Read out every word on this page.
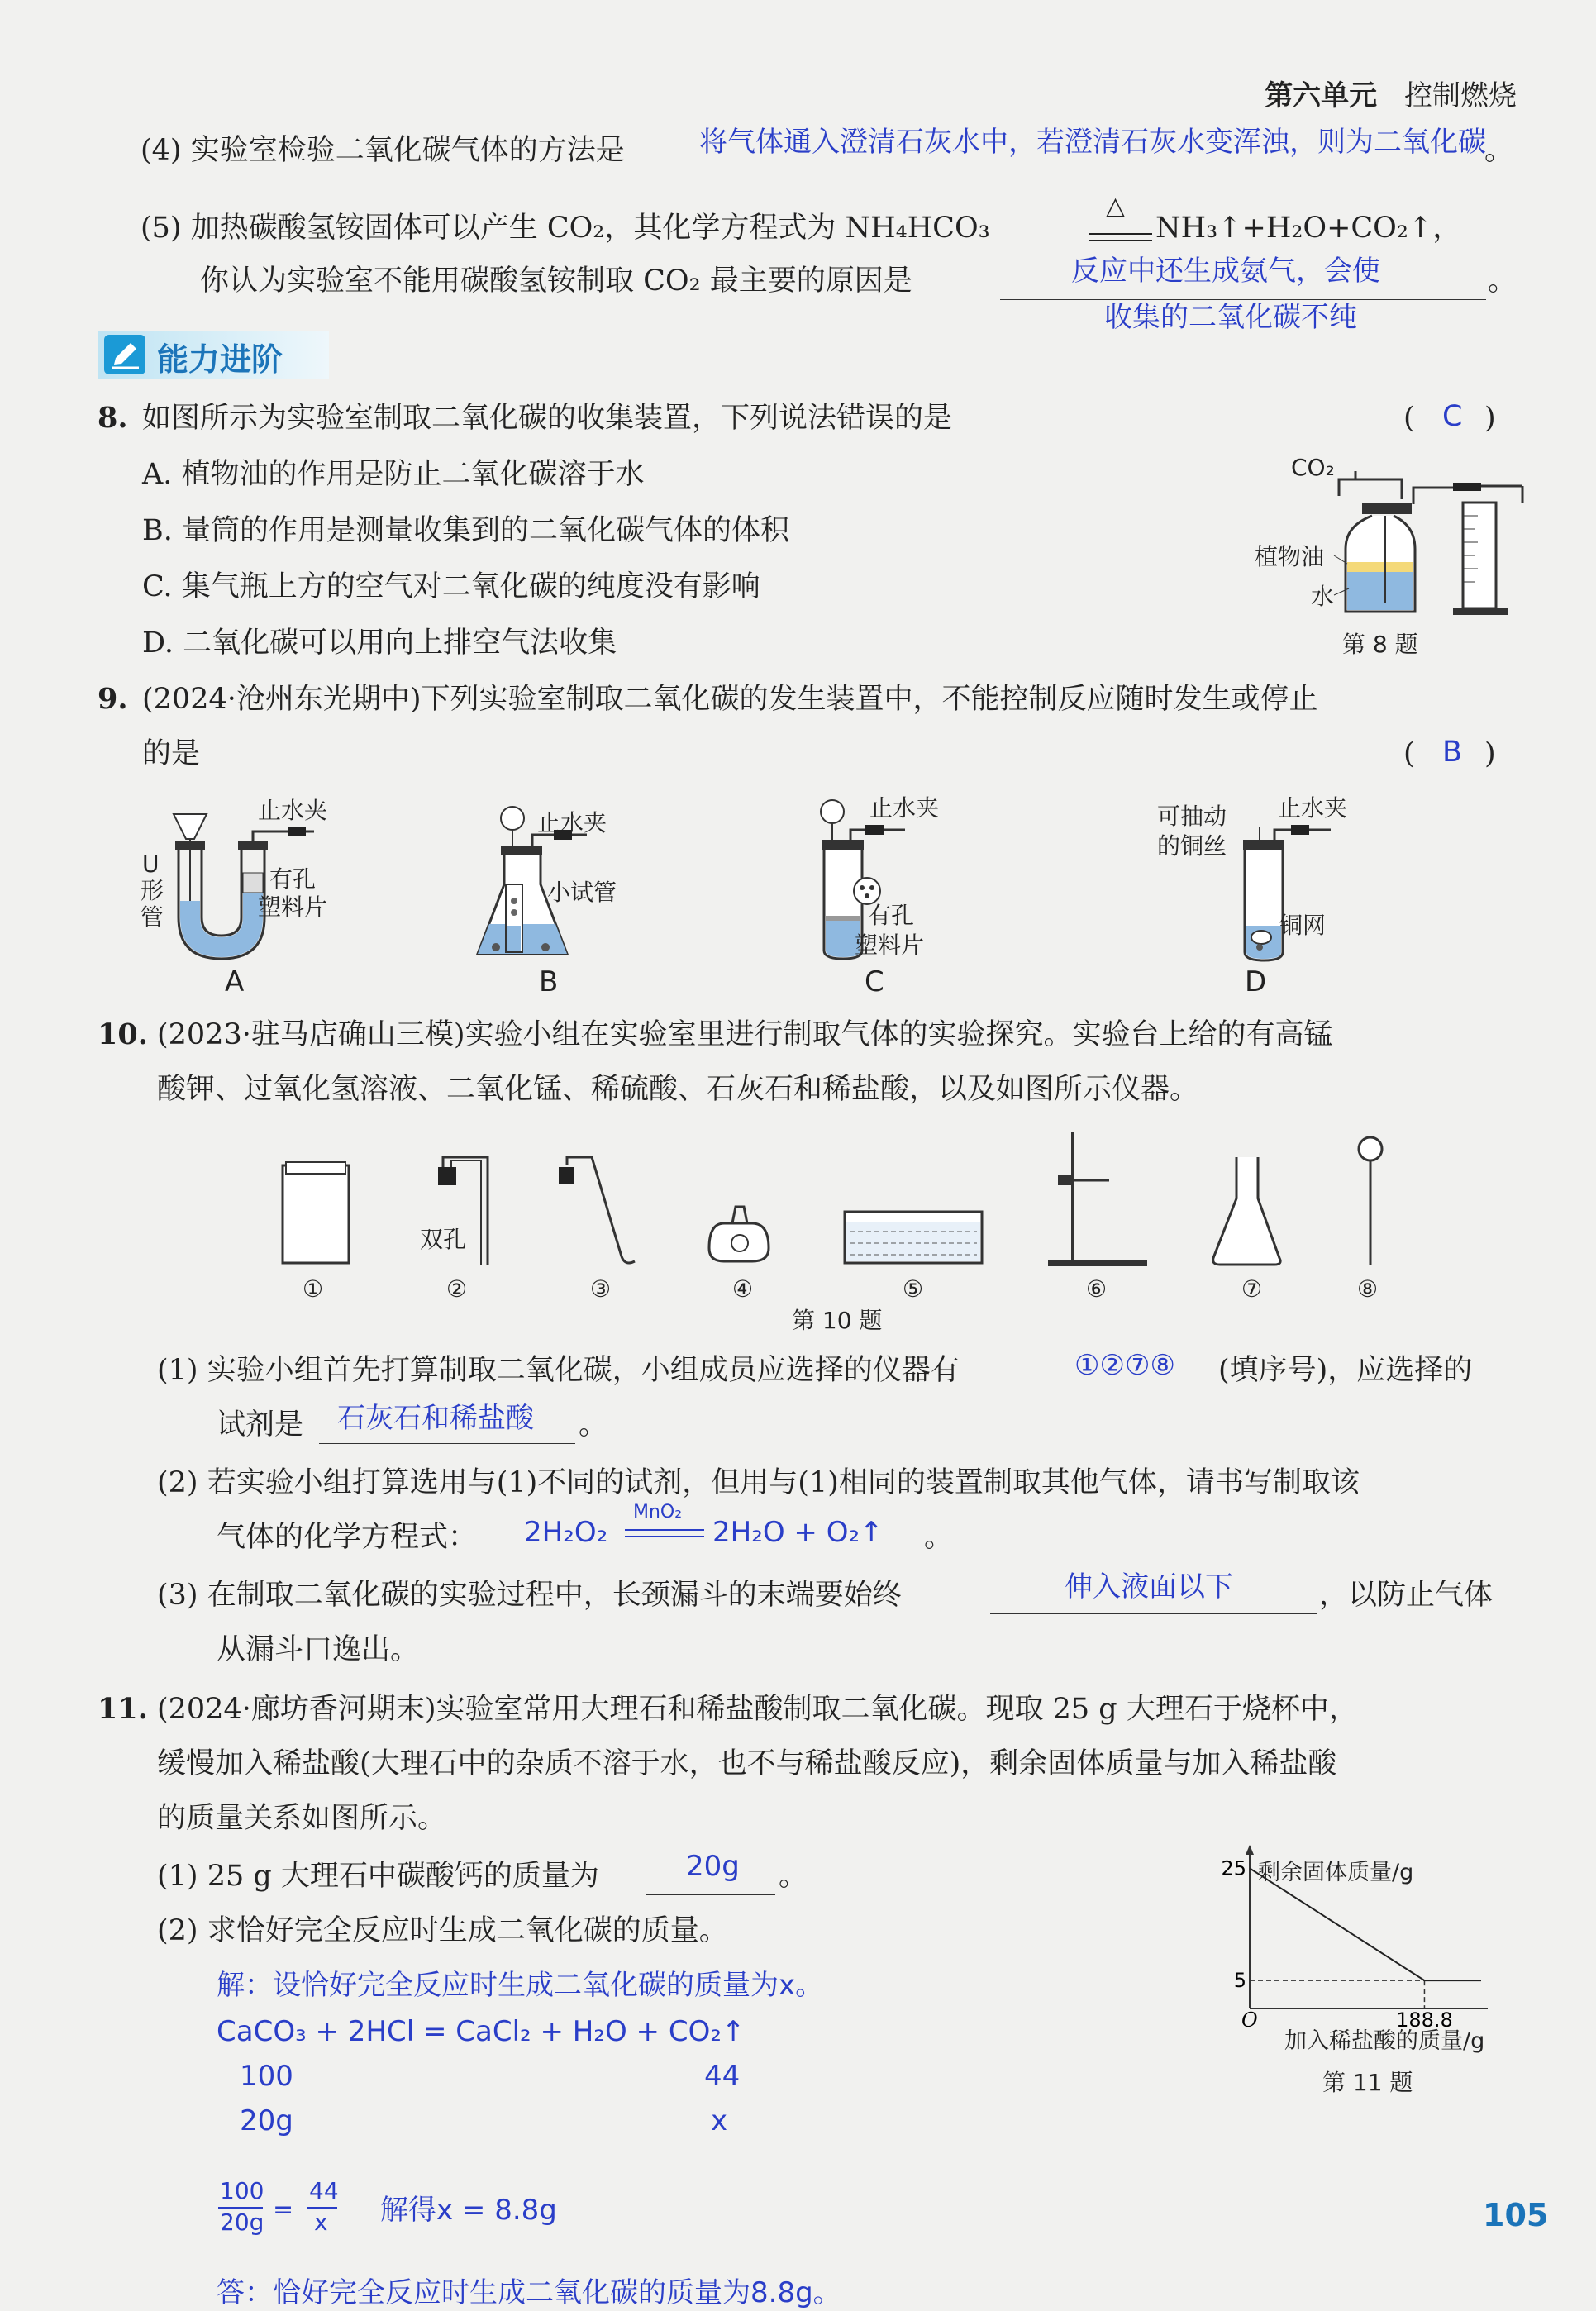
第六单元 控制燃烧
(4) 实验室检验二氧化碳气体的方法是	将气体通入澄清石灰水中，若澄清石灰水变浑浊，则为二氧化碳
。
(5) 加热碳酸氢铵固体可以产生 CO₂，其化学方程式为 NH₄HCO₃
△
NH₃↑+H₂O+CO₂↑，
你认为实验室不能用碳酸氢铵制取 CO₂ 最主要的原因是	反应中还生成氨气，会使
收集的二氧化碳不纯
。
能力进阶
8. 如图所示为实验室制取二氧化碳的收集装置，下列说法错误的是	( C )
A. 植物油的作用是防止二氧化碳溶于水
B. 量筒的作用是测量收集到的二氧化碳气体的体积
C. 集气瓶上方的空气对二氧化碳的纯度没有影响
D. 二氧化碳可以用向上排空气法收集
CO₂
植物油
水
第 8 题
9. (2024·沧州东光期中)下列实验室制取二氧化碳的发生装置中，不能控制反应随时发生或停止
的是	( B )
止水夹
U
形
管
有孔
塑料片
A
止水夹
小试管
B
止水夹
有孔
塑料片
C
可抽动
的铜丝
止水夹
铜网
D
10. (2023·驻马店确山三模)实验小组在实验室里进行制取气体的实验探究。实验台上给的有高锰
酸钾、过氧化氢溶液、二氧化锰、稀硫酸、石灰石和稀盐酸，以及如图所示仪器。
双孔
①	②	③	④	⑤	⑥	⑦	⑧
第 10 题
(1) 实验小组首先打算制取二氧化碳，小组成员应选择的仪器有	①②⑦⑧ (填序号)，应选择的
试剂是 石灰石和稀盐酸 。
(2) 若实验小组打算选用与(1)不同的试剂，但用与(1)相同的装置制取其他气体，请书写制取该
气体的化学方程式： 2H₂O₂
MnO₂
2H₂O + O₂↑ 。
(3) 在制取二氧化碳的实验过程中，长颈漏斗的末端要始终	伸入液面以下	，以防止气体
从漏斗口逸出。
11. (2024·廊坊香河期末)实验室常用大理石和稀盐酸制取二氧化碳。现取 25 g 大理石于烧杯中，
缓慢加入稀盐酸(大理石中的杂质不溶于水，也不与稀盐酸反应)，剩余固体质量与加入稀盐酸
的质量关系如图所示。
(1) 25 g 大理石中碳酸钙的质量为	20g 。
(2) 求恰好完全反应时生成二氧化碳的质量。
解：设恰好完全反应时生成二氧化碳的质量为x。
CaCO₃ + 2HCl = CaCl₂ + H₂O + CO₂↑
100	44
20g	x
100
20g =
44
x 解得x = 8.8g
答：恰好完全反应时生成二氧化碳的质量为8.8g。
25
5
188.8
O
剩余固体质量/g
加入稀盐酸的质量/g
第 11 题
105
